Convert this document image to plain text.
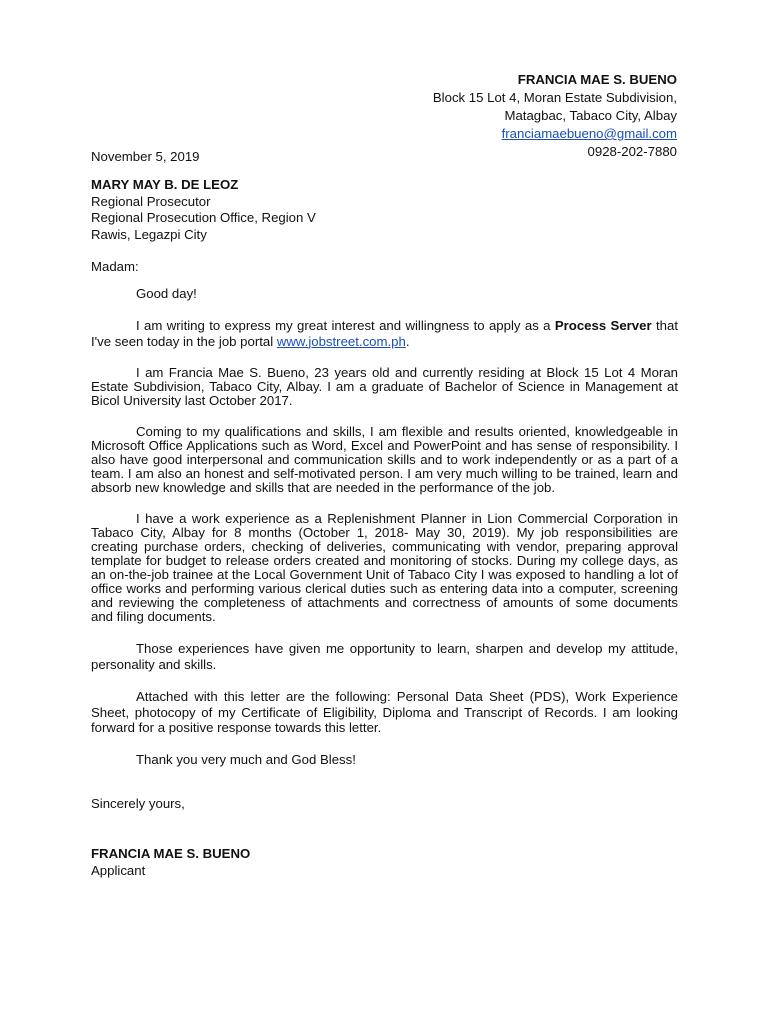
FRANCIA MAE S. BUENO
Block 15 Lot 4, Moran Estate Subdivision,
Matagbac, Tabaco City, Albay
franciamaebueno@gmail.com
0928-202-7880
November 5, 2019
MARY MAY B. DE LEOZ
Regional Prosecutor
Regional Prosecution Office, Region V
Rawis, Legazpi City
Madam:

Good day!

I am writing to express my great interest and willingness to apply as a Process Server that I've seen today in the job portal www.jobstreet.com.ph.

I am Francia Mae S. Bueno, 23 years old and currently residing at Block 15 Lot 4 Moran Estate Subdivision, Tabaco City, Albay. I am a graduate of Bachelor of Science in Management at Bicol University last October 2017.

Coming to my qualifications and skills, I am flexible and results oriented, knowledgeable in Microsoft Office Applications such as Word, Excel and PowerPoint and has sense of responsibility. I also have good interpersonal and communication skills and to work independently or as a part of a team. I am also an honest and self-motivated person. I am very much willing to be trained, learn and absorb new knowledge and skills that are needed in the performance of the job.

I have a work experience as a Replenishment Planner in Lion Commercial Corporation in Tabaco City, Albay for 8 months (October 1, 2018- May 30, 2019). My job responsibilities are creating purchase orders, checking of deliveries, communicating with vendor, preparing approval template for budget to release orders created and monitoring of stocks. During my college days, as an on-the-job trainee at the Local Government Unit of Tabaco City I was exposed to handling a lot of office works and performing various clerical duties such as entering data into a computer, screening and reviewing the completeness of attachments and correctness of amounts of some documents and filing documents.

Those experiences have given me opportunity to learn, sharpen and develop my attitude, personality and skills.

Attached with this letter are the following: Personal Data Sheet (PDS), Work Experience Sheet, photocopy of my Certificate of Eligibility, Diploma and Transcript of Records. I am looking forward for a positive response towards this letter.

Thank you very much and God Bless!

Sincerely yours,
FRANCIA MAE S. BUENO
Applicant
